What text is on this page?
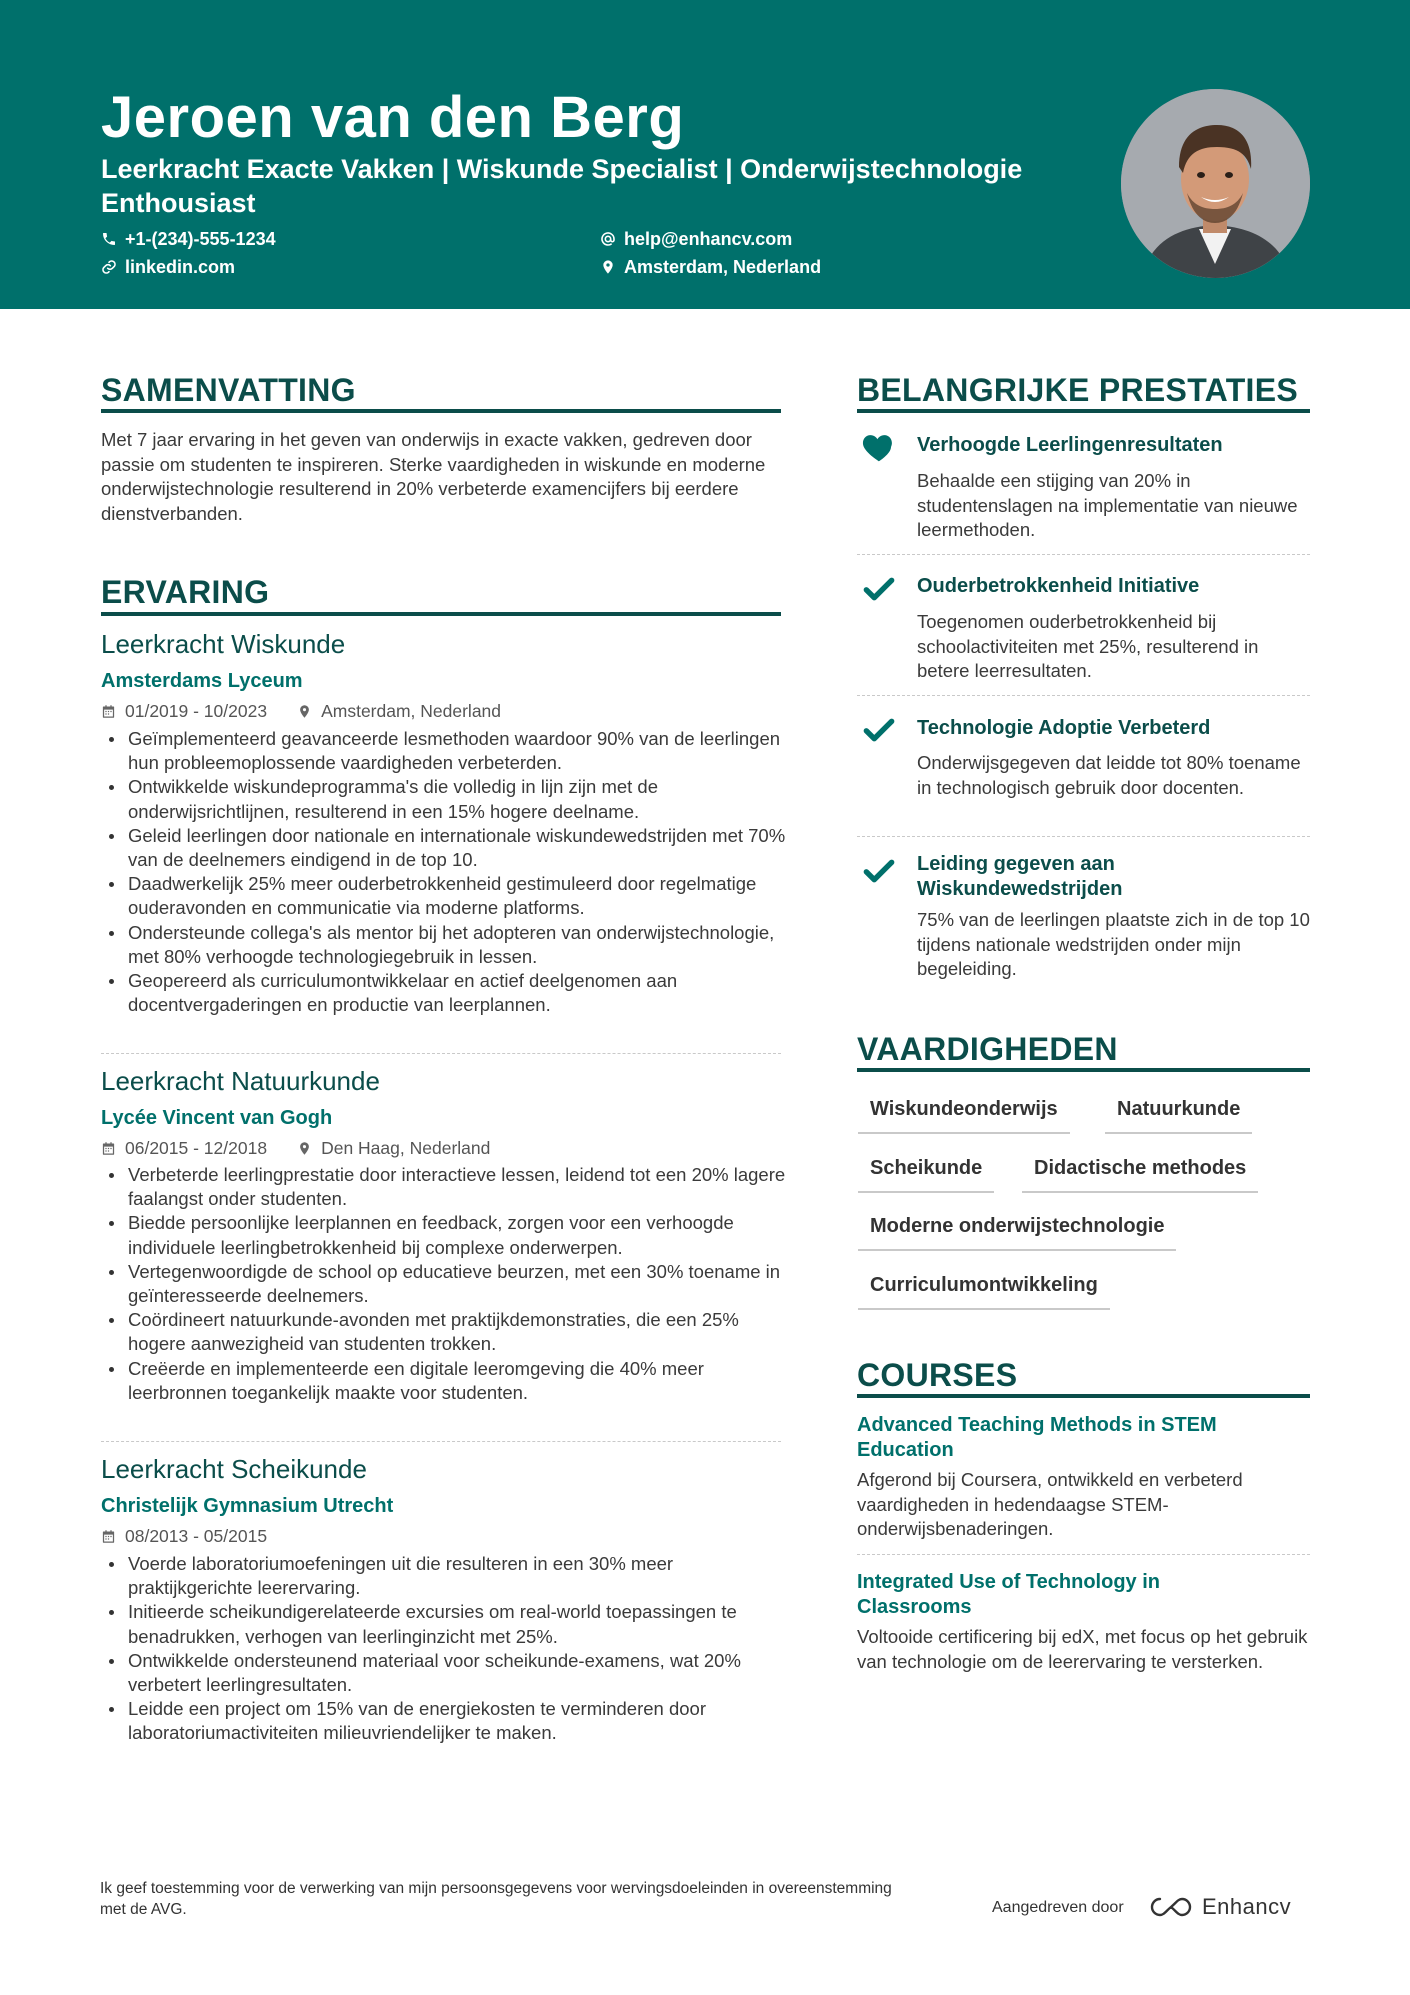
Jeroen van den Berg
Leerkracht Exacte Vakken | Wiskunde Specialist | Onderwijstechnologie Enthousiast
+1-(234)-555-1234	help@enhancv.com
linkedin.com	Amsterdam, Nederland
SAMENVATTING
Met 7 jaar ervaring in het geven van onderwijs in exacte vakken, gedreven door passie om studenten te inspireren. Sterke vaardigheden in wiskunde en moderne onderwijstechnologie resulterend in 20% verbeterde examencijfers bij eerdere dienstverbanden.
ERVARING
Leerkracht Wiskunde
Amsterdams Lyceum
01/2019 - 10/2023	Amsterdam, Nederland
Geïmplementeerd geavanceerde lesmethoden waardoor 90% van de leerlingen hun probleemoplossende vaardigheden verbeterden.
Ontwikkelde wiskundeprogramma's die volledig in lijn zijn met de onderwijsrichtlijnen, resulterend in een 15% hogere deelname.
Geleid leerlingen door nationale en internationale wiskundewedstrijden met 70% van de deelnemers eindigend in de top 10.
Daadwerkelijk 25% meer ouderbetrokkenheid gestimuleerd door regelmatige ouderavonden en communicatie via moderne platforms.
Ondersteunde collega's als mentor bij het adopteren van onderwijstechnologie, met 80% verhoogde technologiegebruik in lessen.
Geopereerd als curriculumontwikkelaar en actief deelgenomen aan docentvergaderingen en productie van leerplannen.
Leerkracht Natuurkunde
Lycée Vincent van Gogh
06/2015 - 12/2018	Den Haag, Nederland
Verbeterde leerlingprestatie door interactieve lessen, leidend tot een 20% lagere faalangst onder studenten.
Biedde persoonlijke leerplannen en feedback, zorgen voor een verhoogde individuele leerlingbetrokkenheid bij complexe onderwerpen.
Vertegenwoordigde de school op educatieve beurzen, met een 30% toename in geïnteresseerde deelnemers.
Coördineert natuurkunde-avonden met praktijkdemonstraties, die een 25% hogere aanwezigheid van studenten trokken.
Creëerde en implementeerde een digitale leeromgeving die 40% meer leerbronnen toegankelijk maakte voor studenten.
Leerkracht Scheikunde
Christelijk Gymnasium Utrecht
08/2013 - 05/2015
Voerde laboratoriumoefeningen uit die resulteren in een 30% meer praktijkgerichte leerervaring.
Initieerde scheikundigerelateerde excursies om real-world toepassingen te benadrukken, verhogen van leerlinginzicht met 25%.
Ontwikkelde ondersteunend materiaal voor scheikunde-examens, wat 20% verbetert leerlingresultaten.
Leidde een project om 15% van de energiekosten te verminderen door laboratoriumactiviteiten milieuvriendelijker te maken.
BELANGRIJKE PRESTATIES
Verhoogde Leerlingenresultaten
Behaalde een stijging van 20% in studentenslagen na implementatie van nieuwe leermethoden.
Ouderbetrokkenheid Initiative
Toegenomen ouderbetrokkenheid bij schoolactiviteiten met 25%, resulterend in betere leerresultaten.
Technologie Adoptie Verbeterd
Onderwijsgegeven dat leidde tot 80% toename in technologisch gebruik door docenten.
Leiding gegeven aan Wiskundewedstrijden
75% van de leerlingen plaatste zich in de top 10 tijdens nationale wedstrijden onder mijn begeleiding.
VAARDIGHEDEN
Wiskundeonderwijs	Natuurkunde
Scheikunde	Didactische methodes
Moderne onderwijstechnologie
Curriculumontwikkeling
COURSES
Advanced Teaching Methods in STEM Education
Afgerond bij Coursera, ontwikkeld en verbeterd vaardigheden in hedendaagse STEM-onderwijsbenaderingen.
Integrated Use of Technology in Classrooms
Voltooide certificering bij edX, met focus op het gebruik van technologie om de leerervaring te versterken.
Ik geef toestemming voor de verwerking van mijn persoonsgegevens voor wervingsdoeleinden in overeenstemming met de AVG.	Aangedreven door	Enhancv
